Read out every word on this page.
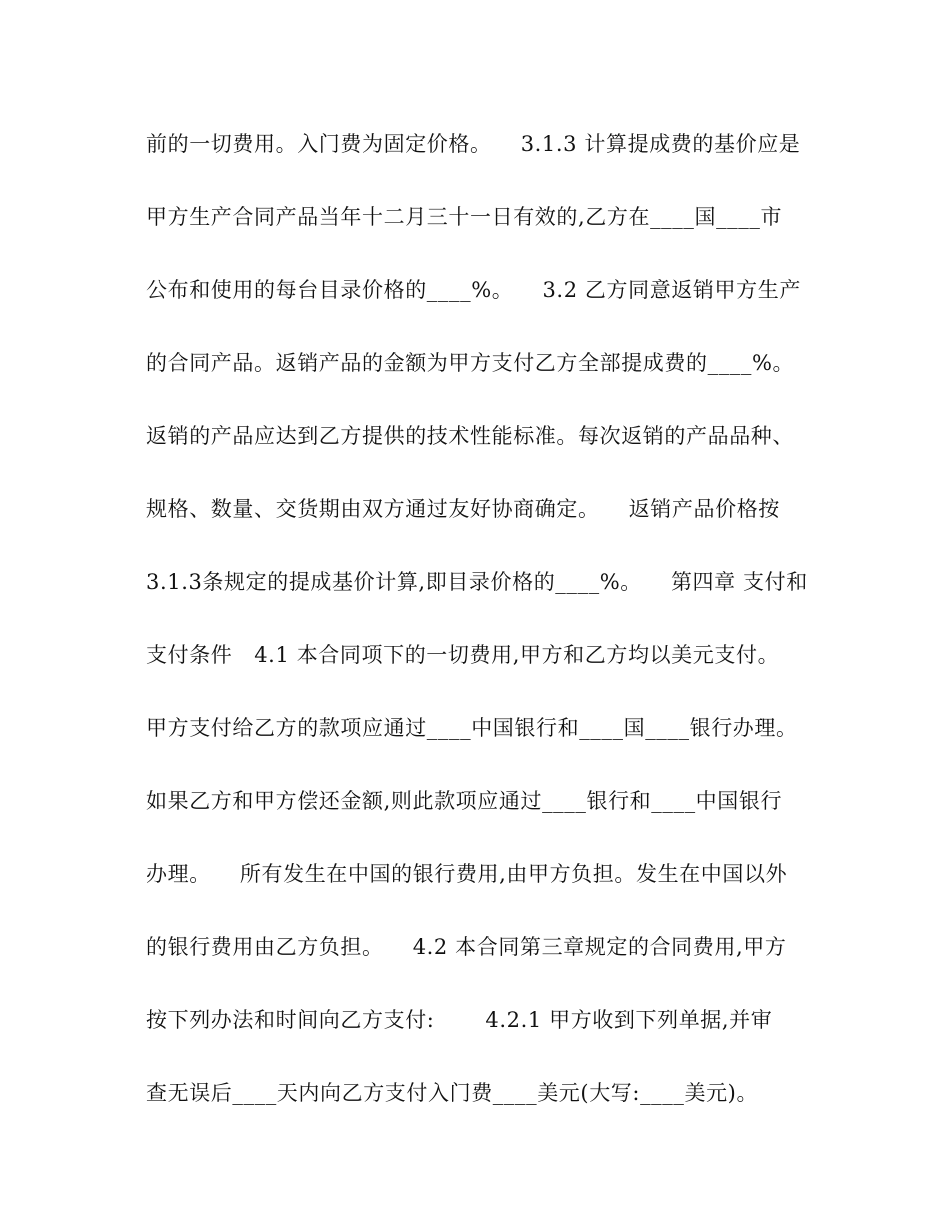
前的一切费用。入门费为固定价格。    3.1.3 计算提成费的基价应是
甲方生产合同产品当年十二月三十一日有效的,乙方在____国____市
公布和使用的每台目录价格的____%。    3.2 乙方同意返销甲方生产
的合同产品。返销产品的金额为甲方支付乙方全部提成费的____%。
返销的产品应达到乙方提供的技术性能标准。每次返销的产品品种、
规格、数量、交货期由双方通过友好协商确定。    返销产品价格按
3.1.3条规定的提成基价计算,即目录价格的____%。    第四章 支付和
支付条件   4.1 本合同项下的一切费用,甲方和乙方均以美元支付。
甲方支付给乙方的款项应通过____中国银行和____国____银行办理。
如果乙方和甲方偿还金额,则此款项应通过____银行和____中国银行
办理。    所有发生在中国的银行费用,由甲方负担。发生在中国以外
的银行费用由乙方负担。    4.2 本合同第三章规定的合同费用,甲方
按下列办法和时间向乙方支付:       4.2.1 甲方收到下列单据,并审
查无误后____天内向乙方支付入门费____美元(大写:____美元)。
